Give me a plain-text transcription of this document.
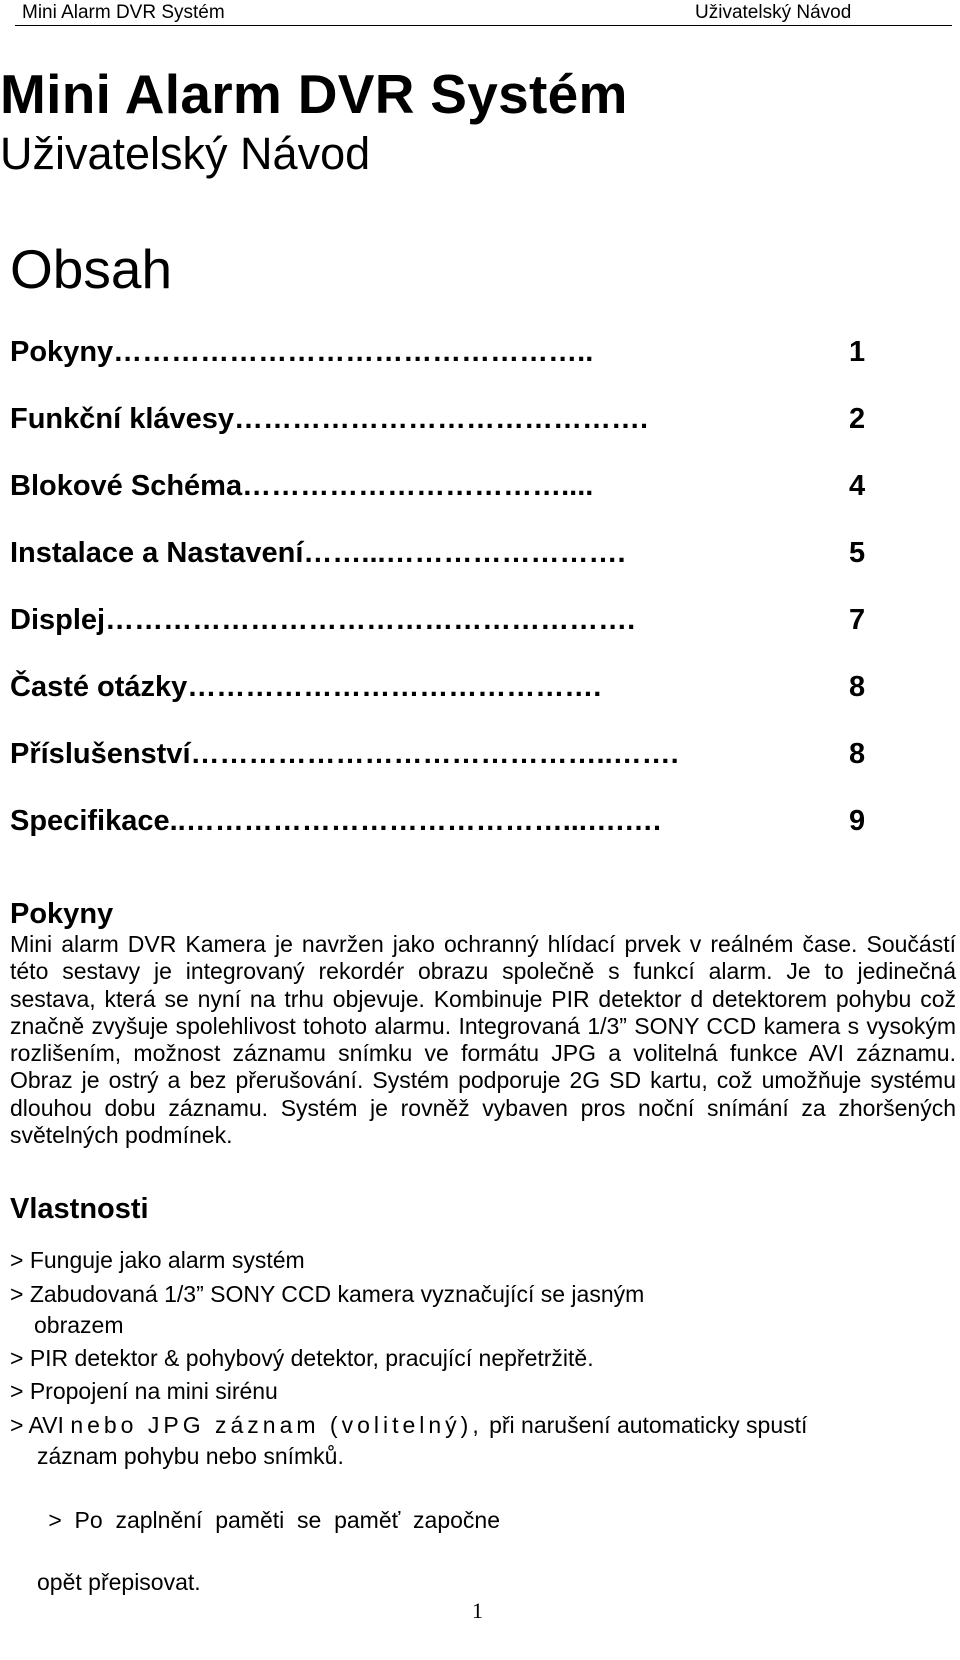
Mini Alarm DVR Systém	Uživatelský Návod
Mini Alarm DVR Systém
Uživatelský Návod
Obsah
Pokyny…………………………………………..	1
Funkční klávesy…………………………………….	2
Blokové Schéma……………………………....	4
Instalace a Nastavení……...…………………….	5
Displej……………………………………………….	7
Časté otázky…………………………………….	8
Příslušenství……………………………………..…….	8
Specifikace..…………………………………...….….	9
Pokyny
Mini alarm DVR Kamera je navržen jako ochranný hlídací prvek v reálném čase. Součástí této sestavy je integrovaný rekordér obrazu společně s funkcí alarm. Je to jedinečná sestava, která se nyní na trhu objevuje. Kombinuje PIR detektor d detektorem pohybu což značně zvyšuje spolehlivost tohoto alarmu. Integrovaná 1/3” SONY CCD kamera s vysokým rozlišením, možnost záznamu snímku ve formátu JPG a volitelná funkce AVI záznamu. Obraz je ostrý a bez přerušování. Systém podporuje 2G SD kartu, což umožňuje systému dlouhou dobu záznamu. Systém je rovněž vybaven pros noční snímání za zhoršených světelných podmínek.
Vlastnosti
> Funguje jako alarm systém
> Zabudovaná 1/3” SONY CCD kamera vyznačující se jasným
obrazem
> PIR detektor & pohybový detektor, pracující nepřetržitě.
> Propojení na mini sirénu
> AVI nebo JPG záznam (volitelný), při narušení automaticky spustí
záznam pohybu nebo snímků.

>  Po  zaplnění  paměti  se  paměť  započne

opět přepisovat.

1
